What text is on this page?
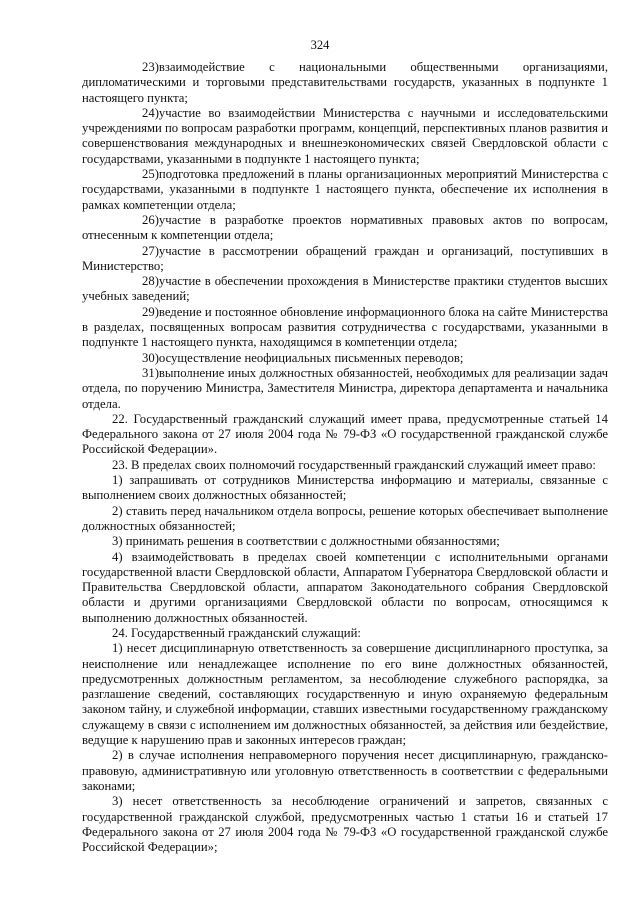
324

23)взаимодействие с национальными общественными организациями, дипломатическими и торговыми представительствами государств, указанных в подпункте 1 настоящего пункта;

24)участие во взаимодействии Министерства с научными и исследовательскими учреждениями по вопросам разработки программ, концепций, перспективных планов развития и совершенствования международных и внешнеэкономических связей Свердловской области с государствами, указанными в подпункте 1 настоящего пункта;

25)подготовка предложений в планы организационных мероприятий Министерства с государствами, указанными в подпункте 1 настоящего пункта, обеспечение их исполнения в рамках компетенции отдела;

26)участие в разработке проектов нормативных правовых актов по вопросам, отнесенным к компетенции отдела;

27)участие в рассмотрении обращений граждан и организаций, поступивших в Министерство;

28)участие в обеспечении прохождения в Министерстве практики студентов высших учебных заведений;

29)ведение и постоянное обновление информационного блока на сайте Министерства в разделах, посвященных вопросам развития сотрудничества с государствами, указанными в подпункте 1 настоящего пункта, находящимся в компетенции отдела;

30)осуществление неофициальных письменных переводов;

31)выполнение иных должностных обязанностей, необходимых для реализации задач отдела, по поручению Министра, Заместителя Министра, директора департамента и начальника отдела.

22. Государственный гражданский служащий имеет права, предусмотренные статьей 14 Федерального закона от 27 июля 2004 года № 79-ФЗ «О государственной гражданской службе Российской Федерации».

23. В пределах своих полномочий государственный гражданский служащий имеет право:

1) запрашивать от сотрудников Министерства информацию и материалы, связанные с выполнением своих должностных обязанностей;

2) ставить перед начальником отдела вопросы, решение которых обеспечивает выполнение должностных обязанностей;

3) принимать решения в соответствии с должностными обязанностями;

4) взаимодействовать в пределах своей компетенции с исполнительными органами государственной власти Свердловской области, Аппаратом Губернатора Свердловской области и Правительства Свердловской области, аппаратом Законодательного собрания Свердловской области и другими организациями Свердловской области по вопросам, относящимся к выполнению должностных обязанностей.

24. Государственный гражданский служащий:

1) несет дисциплинарную ответственность за совершение дисциплинарного проступка, за неисполнение или ненадлежащее исполнение по его вине должностных обязанностей, предусмотренных должностным регламентом, за несоблюдение служебного распорядка, за разглашение сведений, составляющих государственную и иную охраняемую федеральным законом тайну, и служебной информации, ставших известными государственному гражданскому служащему в связи с исполнением им должностных обязанностей, за действия или бездействие, ведущие к нарушению прав и законных интересов граждан;

2) в случае исполнения неправомерного поручения несет дисциплинарную, гражданско-правовую, административную или уголовную ответственность в соответствии с федеральными законами;

3) несет ответственность за несоблюдение ограничений и запретов, связанных с государственной гражданской службой, предусмотренных частью 1 статьи 16 и статьей 17 Федерального закона от 27 июля 2004 года № 79-ФЗ «О государственной гражданской службе Российской Федерации»;
